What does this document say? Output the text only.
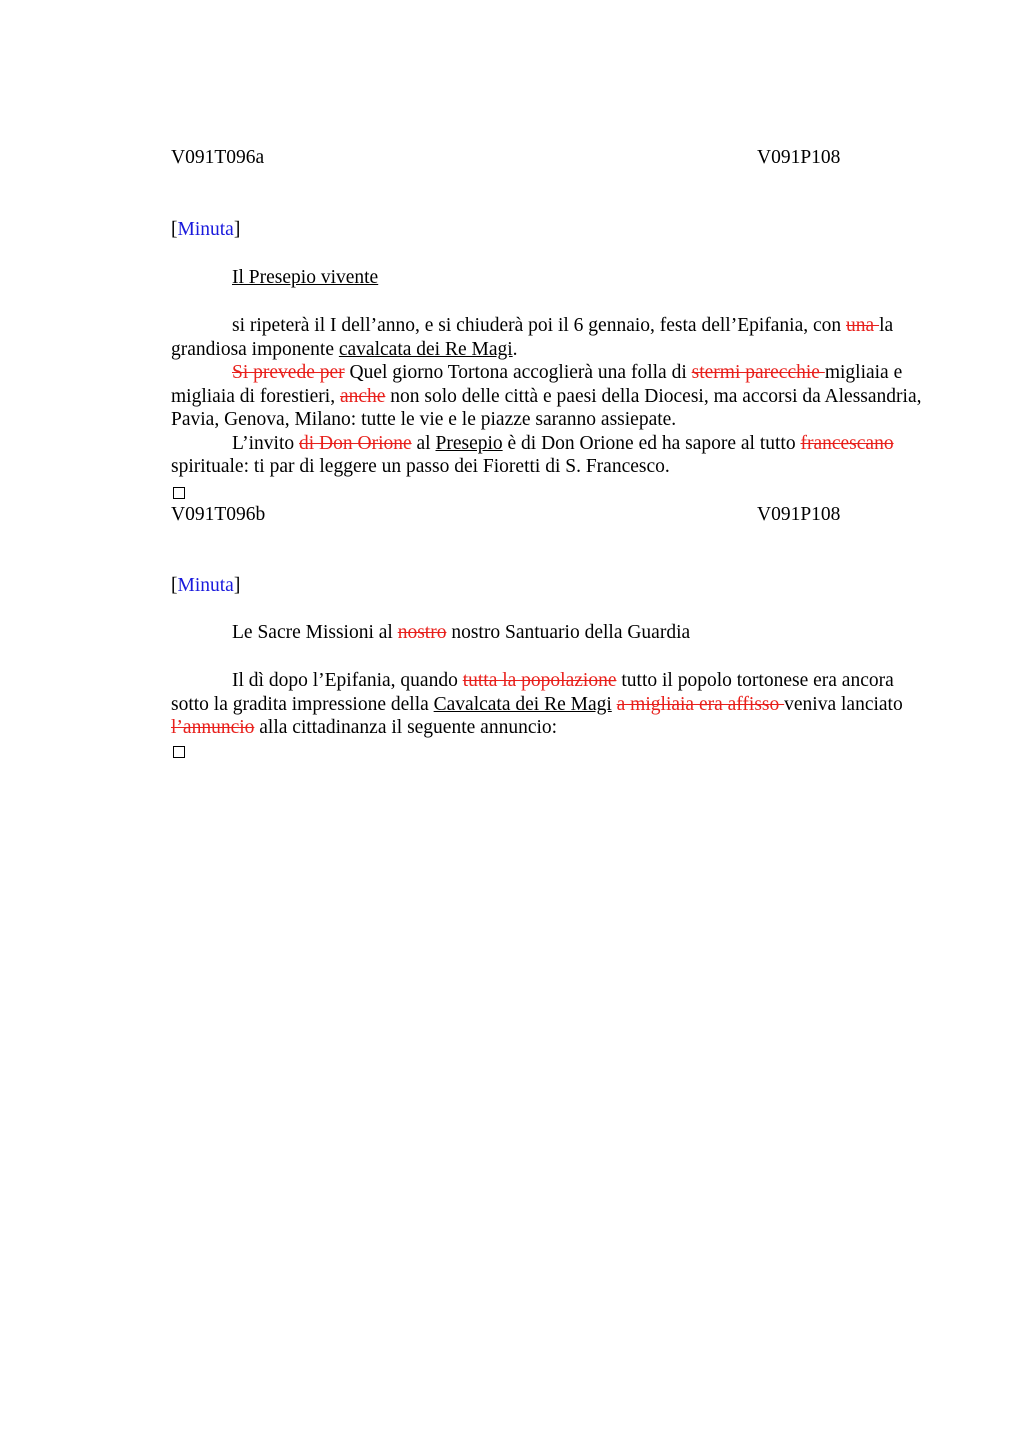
V091T096a	V091P108
[Minuta]
Il Presepio vivente

si ripeterà il I dell’anno, e si chiuderà poi il 6 gennaio, festa dell’Epifania, con una la grandiosa imponente cavalcata dei Re Magi.

Si prevede per Quel giorno Tortona accoglierà una folla di stermi parecchie migliaia e migliaia di forestieri, anche non solo delle città e paesi della Diocesi, ma accorsi da Alessandria, Pavia, Genova, Milano: tutte le vie e le piazze saranno assiepate.

L’invito di Don Orione al Presepio è di Don Orione ed ha sapore al tutto francescano spirituale: ti par di leggere un passo dei Fioretti di S. Francesco.

V091T096b	V091P108
[Minuta]
Le Sacre Missioni al nostro nostro Santuario della Guardia

Il dì dopo l’Epifania, quando tutta la popolazione tutto il popolo tortonese era ancora sotto la gradita impressione della Cavalcata dei Re Magi a migliaia era affisso veniva lanciato l’annuncio alla cittadinanza il seguente annuncio:
